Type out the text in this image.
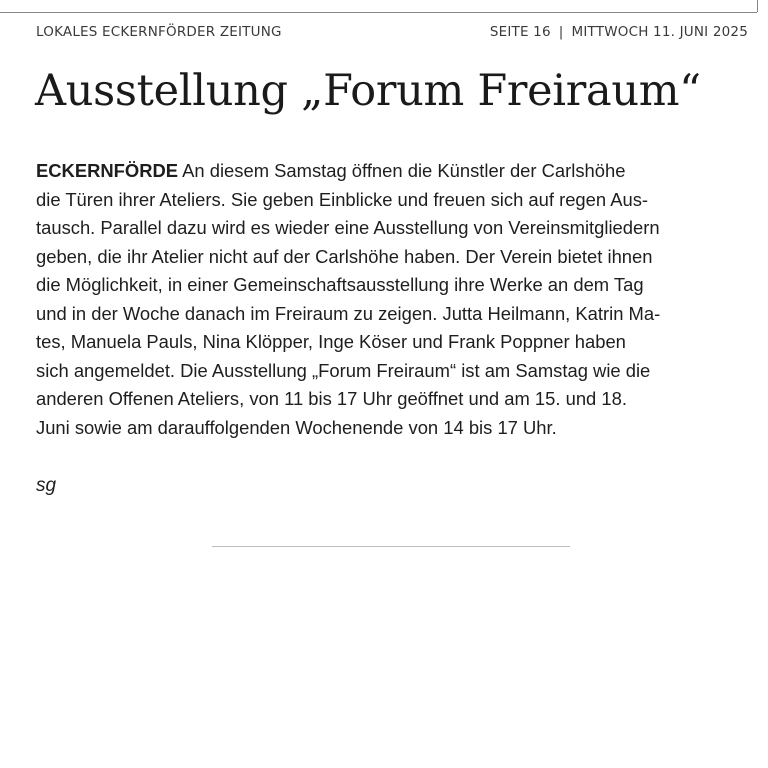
LOKALES ECKERNFÖRDER ZEITUNG	SEITE 16 | MITTWOCH 11. JUNI 2025
Ausstellung „Forum Freiraum“
ECKERNFÖRDE An diesem Samstag öffnen die Künstler der Carlshöhe
die Türen ihrer Ateliers. Sie geben Einblicke und freuen sich auf regen Aus-
tausch. Parallel dazu wird es wieder eine Ausstellung von Vereinsmitgliedern
geben, die ihr Atelier nicht auf der Carlshöhe haben. Der Verein bietet ihnen
die Möglichkeit, in einer Gemeinschaftsausstellung ihre Werke an dem Tag
und in der Woche danach im Freiraum zu zeigen. Jutta Heilmann, Katrin Ma-
tes, Manuela Pauls, Nina Klöpper, Inge Köser und Frank Poppner haben
sich angemeldet. Die Ausstellung „Forum Freiraum“ ist am Samstag wie die
anderen Offenen Ateliers, von 11 bis 17 Uhr geöffnet und am 15. und 18.
Juni sowie am darauffolgenden Wochenende von 14 bis 17 Uhr.
sg
